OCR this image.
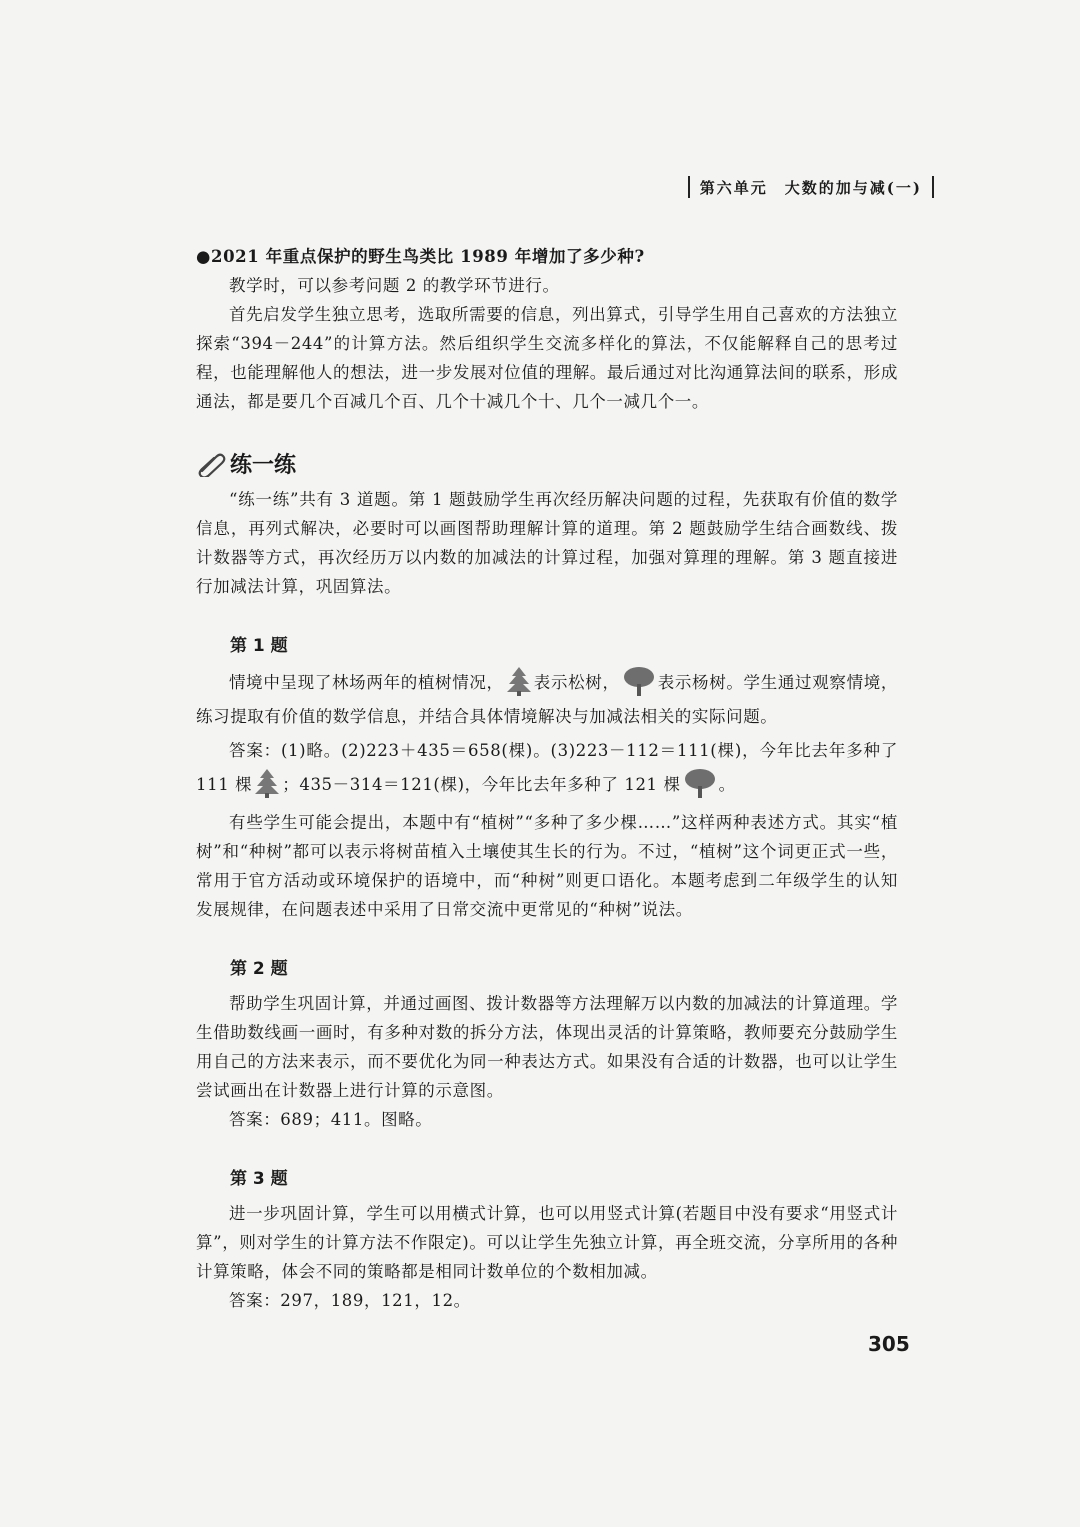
第六单元　大数的加与减(一)

●2021 年重点保护的野生鸟类比 1989 年增加了多少种?

教学时，可以参考问题 2 的教学环节进行。

首先启发学生独立思考，选取所需要的信息，列出算式，引导学生用自己喜欢的方法独立探索“394－244”的计算方法。然后组织学生交流多样化的算法，不仅能解释自己的思考过程，也能理解他人的想法，进一步发展对位值的理解。最后通过对比沟通算法间的联系，形成通法，都是要几个百减几个百、几个十减几个十、几个一减几个一。

练一练

“练一练”共有 3 道题。第 1 题鼓励学生再次经历解决问题的过程，先获取有价值的数学信息，再列式解决，必要时可以画图帮助理解计算的道理。第 2 题鼓励学生结合画数线、拨计数器等方式，再次经历万以内数的加减法的计算过程，加强对算理的理解。第 3 题直接进行加减法计算，巩固算法。

第 1 题

情境中呈现了林场两年的植树情况， 表示松树， 表示杨树。学生通过观察情境，练习提取有价值的数学信息，并结合具体情境解决与加减法相关的实际问题。

答案：(1)略。(2)223＋435＝658(棵)。(3)223－112＝111(棵)，今年比去年多种了 111 棵 ；435－314＝121(棵)，今年比去年多种了 121 棵 。

有些学生可能会提出，本题中有“植树”“多种了多少棵……”这样两种表述方式。其实“植树”和“种树”都可以表示将树苗植入土壤使其生长的行为。不过，“植树”这个词更正式一些，常用于官方活动或环境保护的语境中，而“种树”则更口语化。本题考虑到二年级学生的认知发展规律，在问题表述中采用了日常交流中更常见的“种树”说法。

第 2 题

帮助学生巩固计算，并通过画图、拨计数器等方法理解万以内数的加减法的计算道理。学生借助数线画一画时，有多种对数的拆分方法，体现出灵活的计算策略，教师要充分鼓励学生用自己的方法来表示，而不要优化为同一种表达方式。如果没有合适的计数器，也可以让学生尝试画出在计数器上进行计算的示意图。

答案：689；411。图略。

第 3 题

进一步巩固计算，学生可以用横式计算，也可以用竖式计算(若题目中没有要求“用竖式计算”，则对学生的计算方法不作限定)。可以让学生先独立计算，再全班交流，分享所用的各种计算策略，体会不同的策略都是相同计数单位的个数相加减。

答案：297，189，121，12。

305
